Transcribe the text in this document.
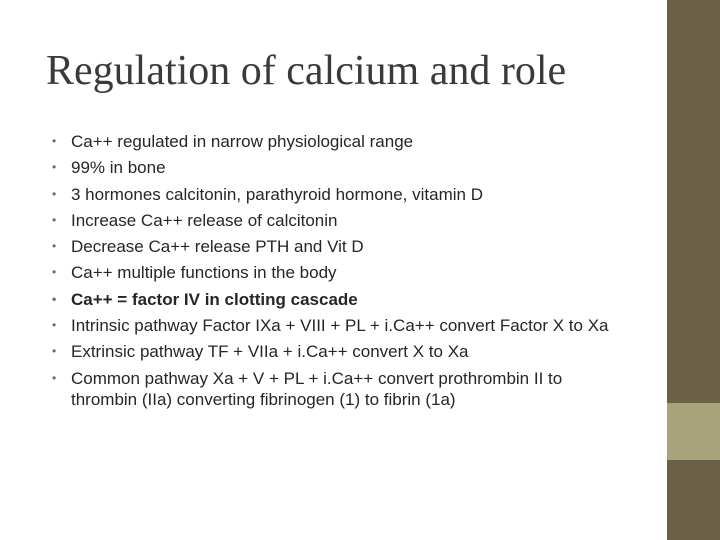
Regulation of calcium and role
• Ca++ regulated in narrow physiological range
• 99% in bone
• 3 hormones calcitonin, parathyroid hormone, vitamin D
• Increase Ca++ release of calcitonin
• Decrease Ca++ release PTH and Vit D
• Ca++ multiple functions in the body
• Ca++ = factor IV in clotting cascade
• Intrinsic pathway Factor IXa + VIII + PL + i.Ca++ convert Factor X to Xa
• Extrinsic pathway TF + VIIa + i.Ca++ convert X to Xa
• Common pathway Xa + V + PL + i.Ca++ convert prothrombin II to thrombin (IIa) converting fibrinogen (1) to fibrin (1a)
